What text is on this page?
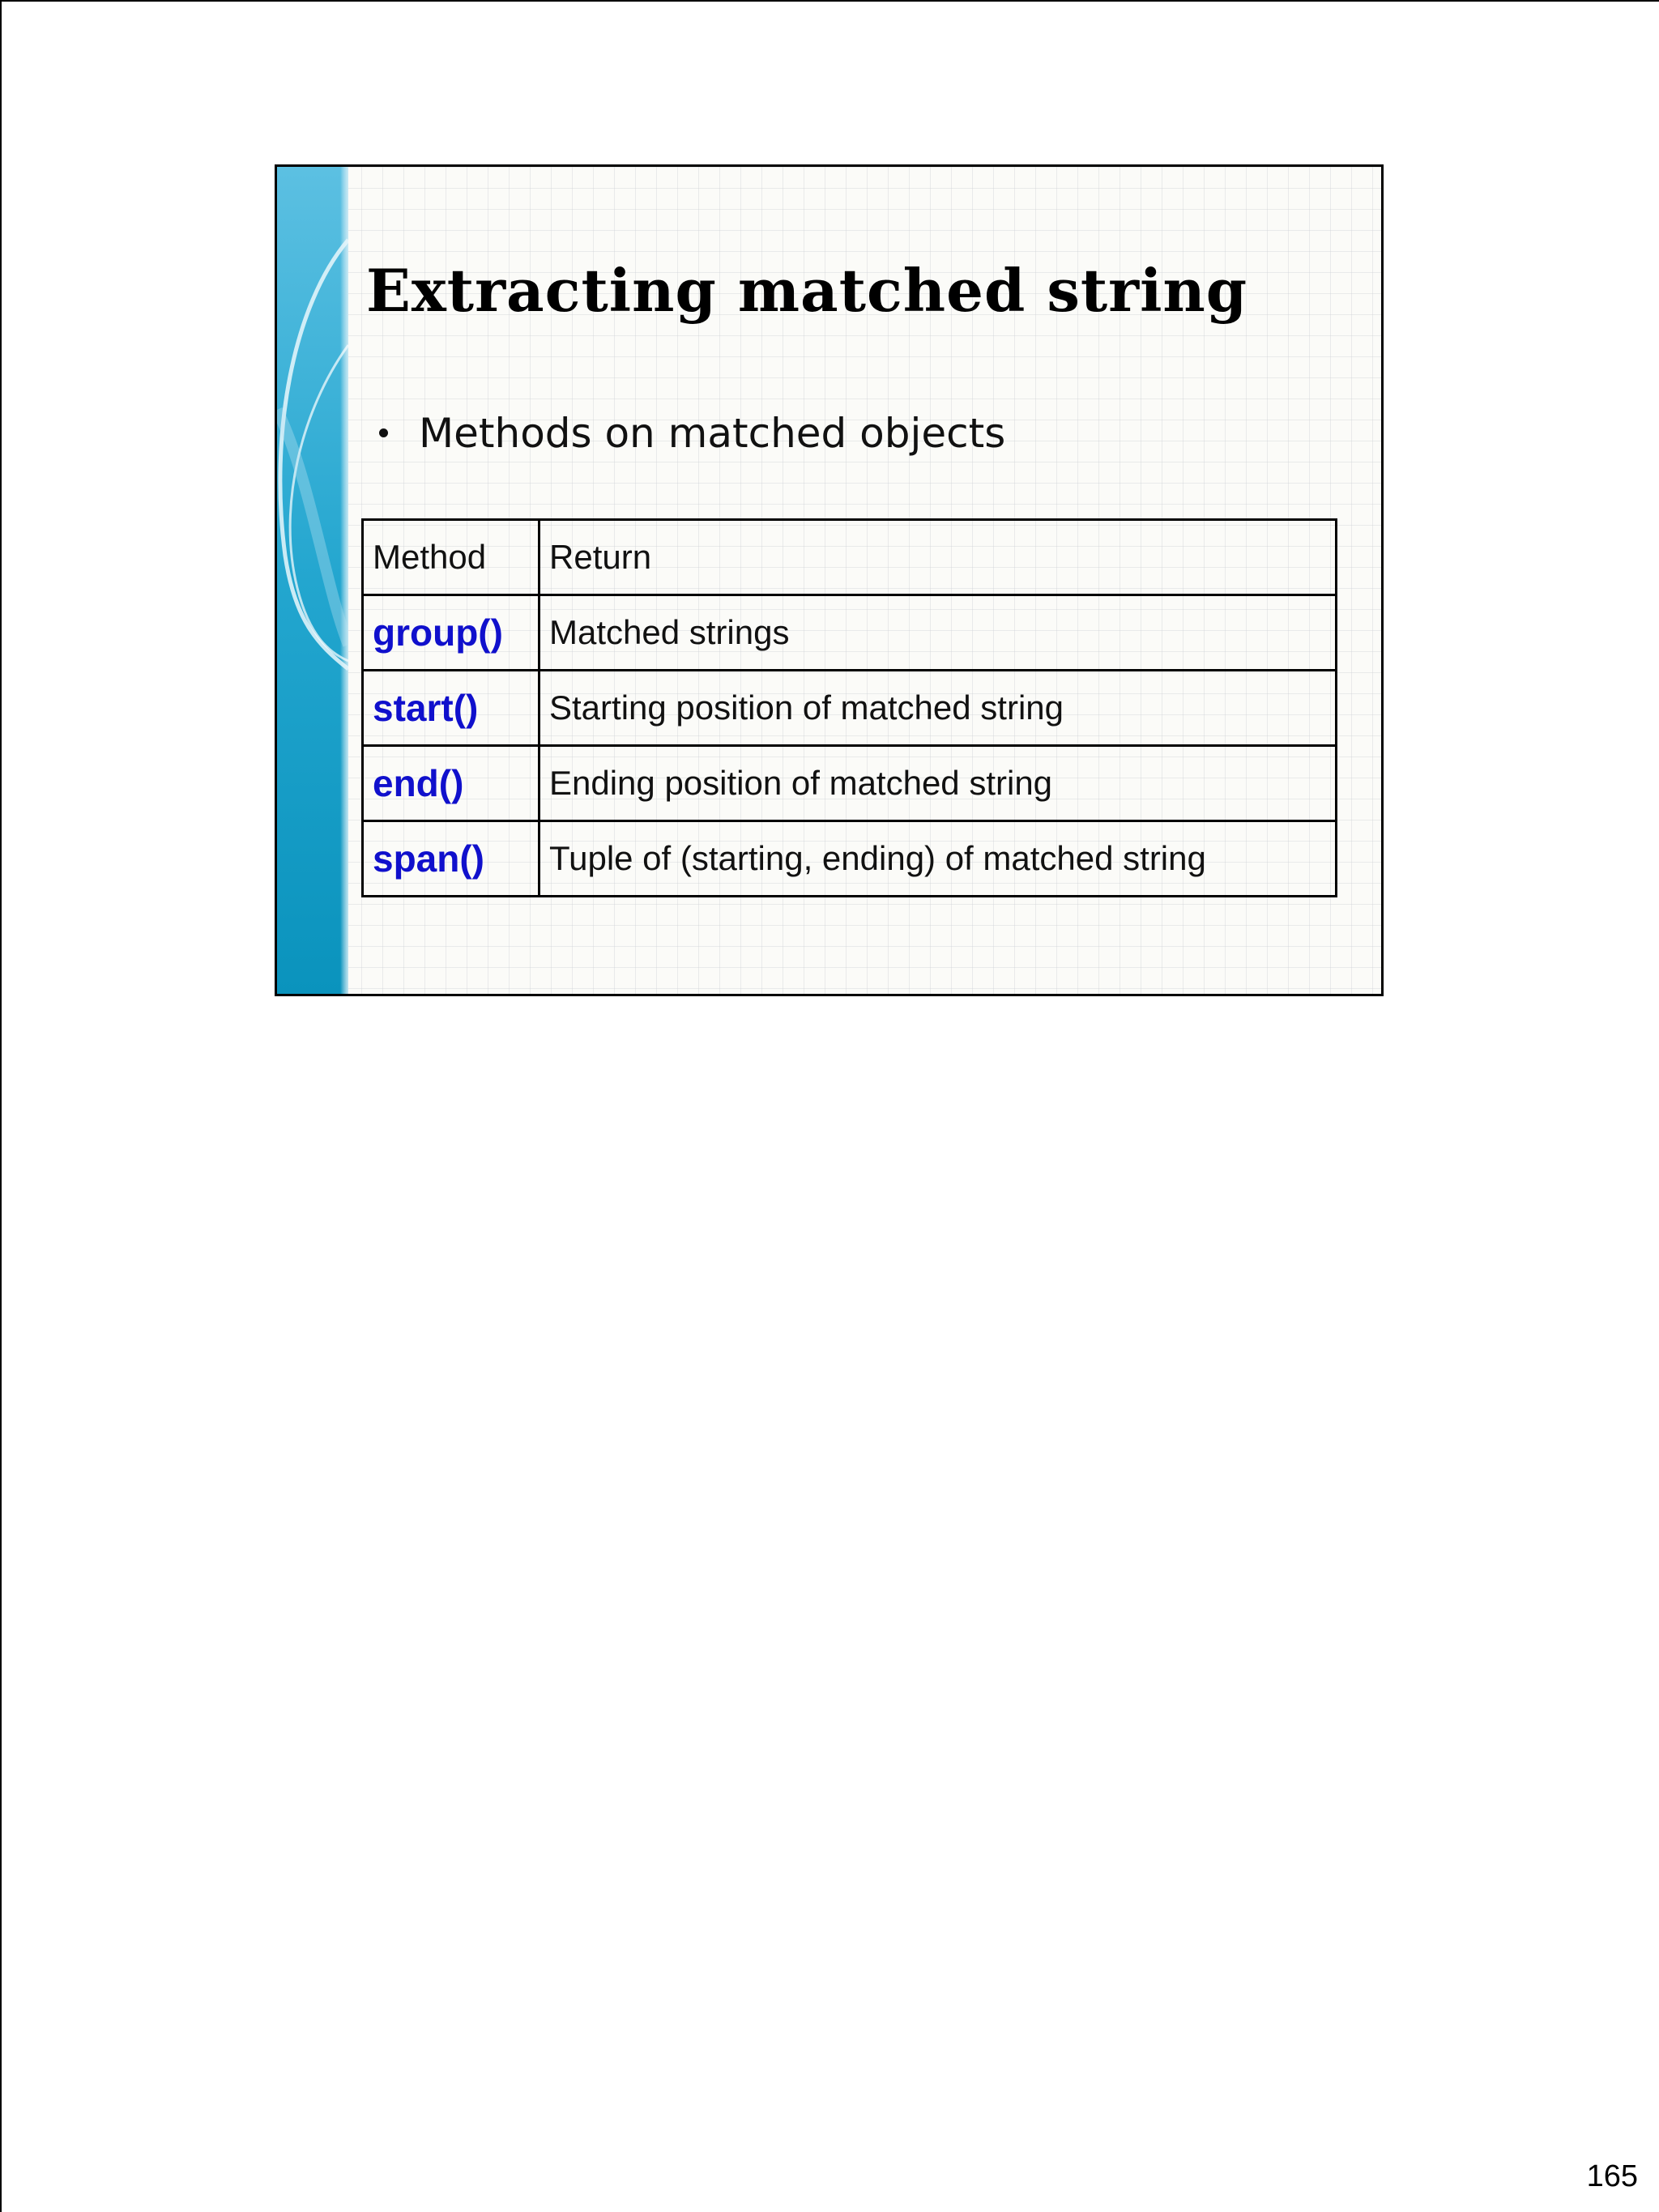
Extracting matched string
Methods on matched objects
Method	Return
group()	Matched strings
start()	Starting position of matched string
end()	Ending position of matched string
span()	Tuple of (starting, ending) of matched string
165
